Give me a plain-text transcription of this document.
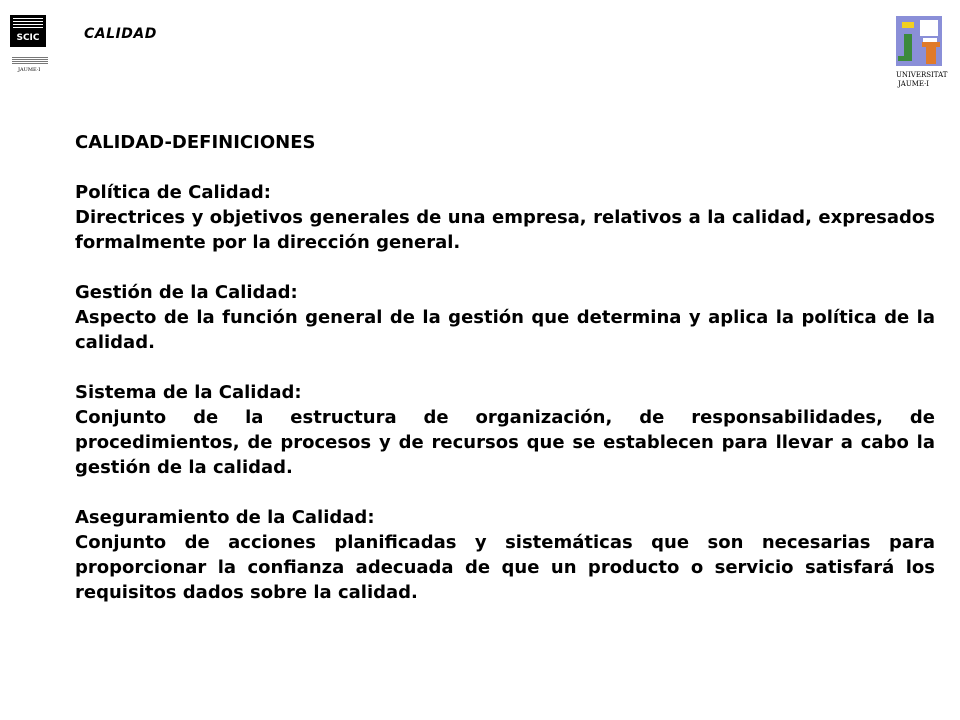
SCIC
JAUME·I
CALIDAD
UNIVERSITAT
JAUME·I
CALIDAD-DEFINICIONES
Política de Calidad:
Directrices y objetivos generales de una empresa, relativos a la calidad, expresados formalmente por la dirección general.
Gestión de la Calidad:
Aspecto de la función general de la gestión que determina y aplica la política de la calidad.
Sistema de la Calidad:
Conjunto de la estructura de organización, de responsabilidades, de procedimientos, de procesos y de recursos que se establecen para llevar a cabo la gestión de la calidad.
Aseguramiento de la Calidad:
Conjunto de acciones planificadas y sistemáticas que son necesarias para proporcionar la confianza adecuada de que un producto o servicio satisfará los requisitos dados sobre la calidad.
